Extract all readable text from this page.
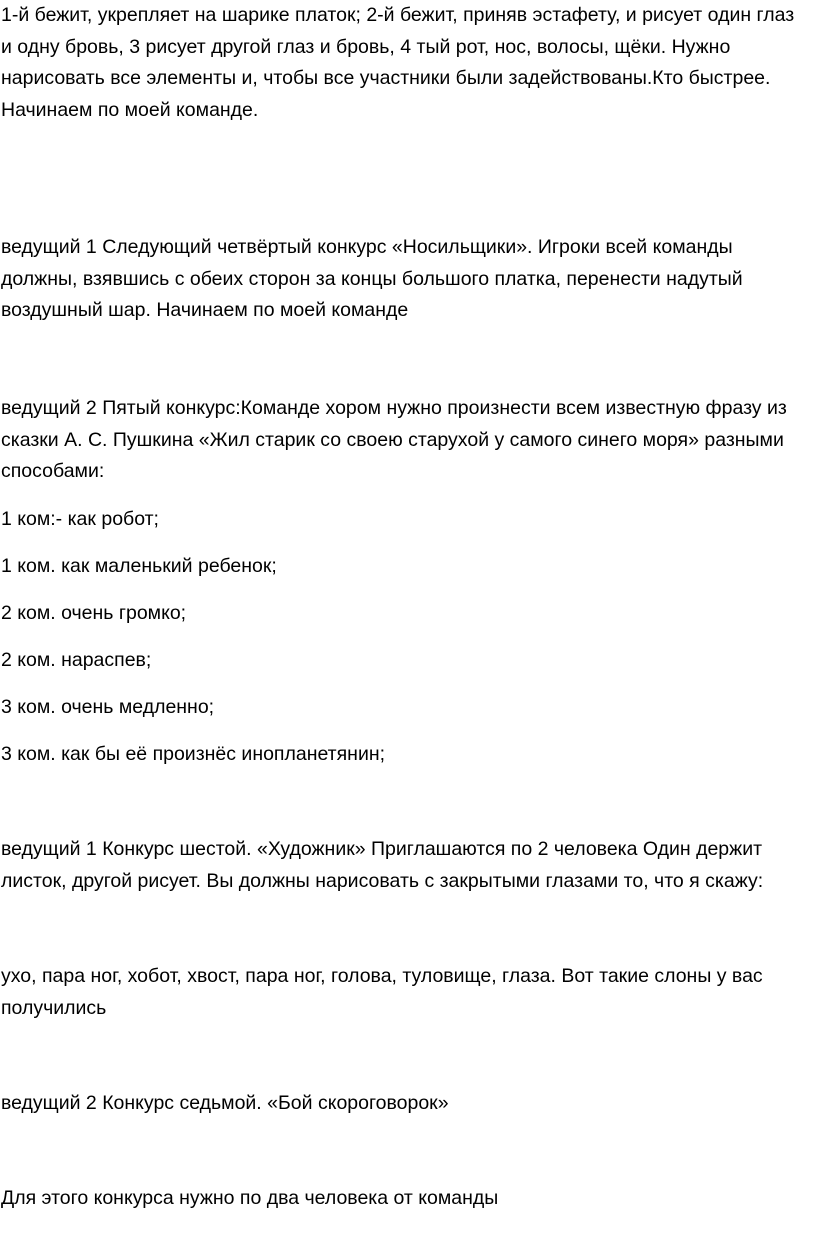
1-й бежит, укрепляет на шарике платок; 2-й бежит, приняв эстафету, и рисует один глаз и одну бровь, 3 рисует другой глаз и бровь, 4 тый рот, нос, волосы, щёки. Нужно нарисовать все элементы и, чтобы все участники были задействованы.Кто быстрее. Начинаем по моей команде.

ведущий 1 Следующий четвёртый конкурс «Носильщики». Игроки всей команды должны, взявшись с обеих сторон за концы большого платка, перенести надутый воздушный шар. Начинаем по моей команде

ведущий 2 Пятый конкурс:Команде хором нужно произнести всем известную фразу из сказки А. С. Пушкина «Жил старик со своею старухой у самого синего моря» разными способами:

1 ком:- как робот;

1 ком. как маленький ребенок;

2 ком. очень громко;

2 ком. нараспев;

3 ком. очень медленно;

3 ком. как бы её произнёс инопланетянин;

ведущий 1 Конкурс шестой. «Художник» Приглашаются по 2 человека Один держит листок, другой рисует. Вы должны нарисовать с закрытыми глазами то, что я скажу:

ухо, пара ног, хобот, хвост, пара ног, голова, туловище, глаза. Вот такие слоны у вас получились

ведущий 2 Конкурс седьмой. «Бой скороговорок»

Для этого конкурса нужно по два человека от команды
